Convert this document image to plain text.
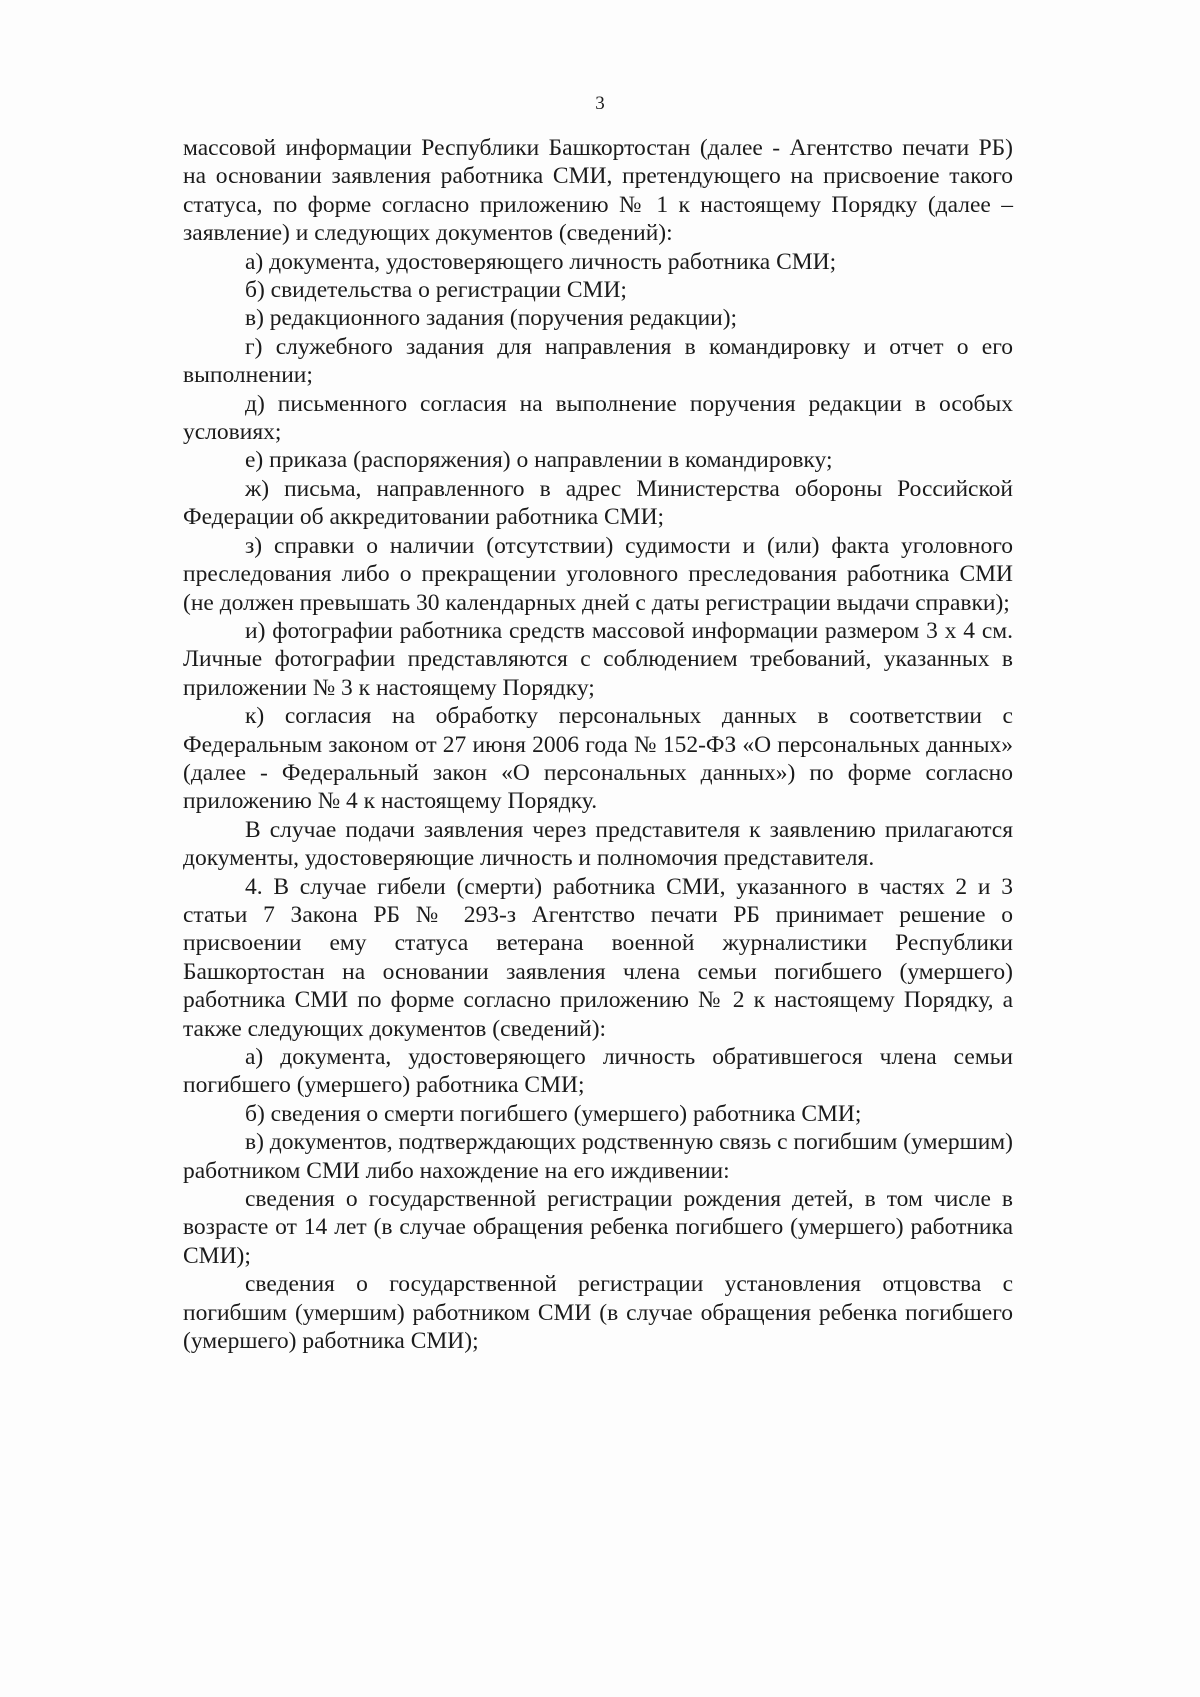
3

массовой информации Республики Башкортостан (далее - Агентство печати РБ) на основании заявления работника СМИ, претендующего на присвоение такого статуса, по форме согласно приложению № 1 к настоящему Порядку (далее – заявление) и следующих документов (сведений):

а) документа, удостоверяющего личность работника СМИ;

б) свидетельства о регистрации СМИ;

в) редакционного задания (поручения редакции);

г) служебного задания для направления в командировку и отчет о его выполнении;

д) письменного согласия на выполнение поручения редакции в особых условиях;

е) приказа (распоряжения) о направлении в командировку;

ж) письма, направленного в адрес Министерства обороны Российской Федерации об аккредитовании работника СМИ;

з) справки о наличии (отсутствии) судимости и (или) факта уголовного преследования либо о прекращении уголовного преследования работника СМИ (не должен превышать 30 календарных дней с даты регистрации выдачи справки);

и) фотографии работника средств массовой информации размером 3 х 4 см. Личные фотографии представляются с соблюдением требований, указанных в приложении № 3 к настоящему Порядку;

к) согласия на обработку персональных данных в соответствии с Федеральным законом от 27 июня 2006 года № 152-ФЗ «О персональных данных» (далее - Федеральный закон «О персональных данных») по форме согласно приложению № 4 к настоящему Порядку.

В случае подачи заявления через представителя к заявлению прилагаются документы, удостоверяющие личность и полномочия представителя.

4. В случае гибели (смерти) работника СМИ, указанного в частях 2 и 3 статьи 7 Закона РБ № 293-з Агентство печати РБ принимает решение о присвоении ему статуса ветерана военной журналистики Республики Башкортостан на основании заявления члена семьи погибшего (умершего) работника СМИ по форме согласно приложению № 2 к настоящему Порядку, а также следующих документов (сведений):

а) документа, удостоверяющего личность обратившегося члена семьи погибшего (умершего) работника СМИ;

б) сведения о смерти погибшего (умершего) работника СМИ;

в) документов, подтверждающих родственную связь с погибшим (умершим) работником СМИ либо нахождение на его иждивении:

сведения о государственной регистрации рождения детей, в том числе в возрасте от 14 лет (в случае обращения ребенка погибшего (умершего) работника СМИ);

сведения о государственной регистрации установления отцовства с погибшим (умершим) работником СМИ (в случае обращения ребенка погибшего (умершего) работника СМИ);
